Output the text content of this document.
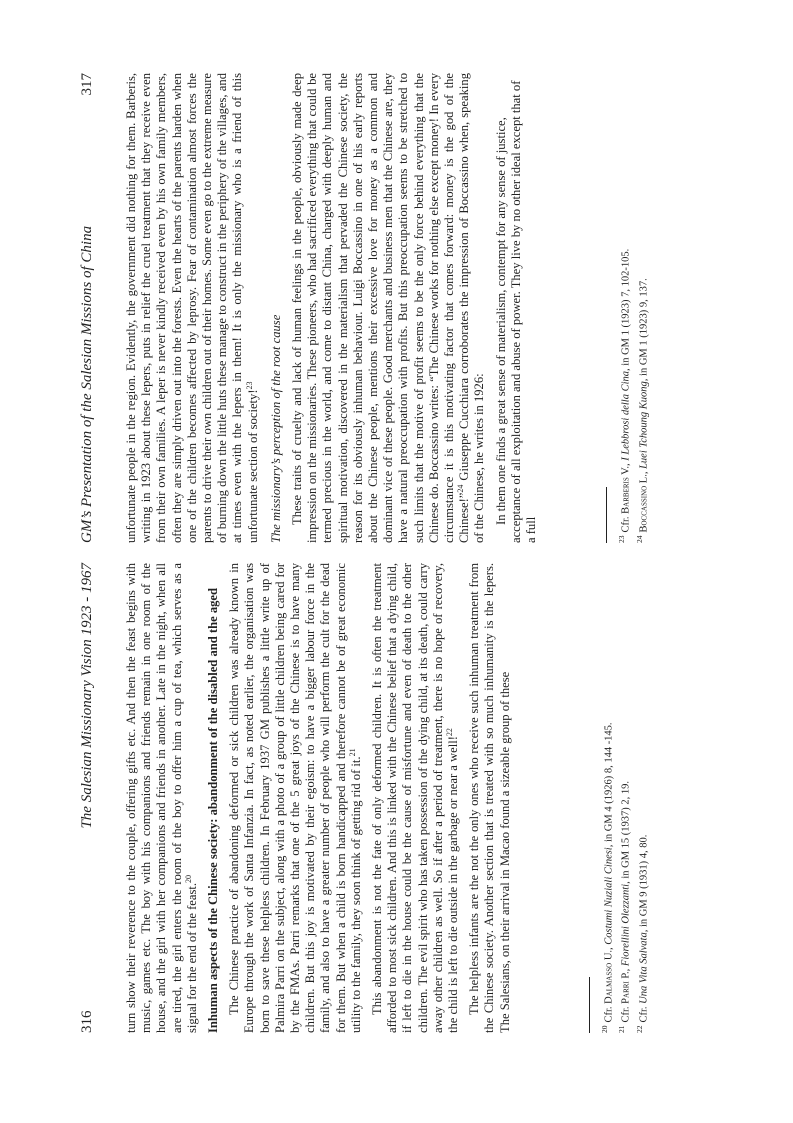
316
The Salesian Missionary Vision 1923 - 1967 turn show their reverence to the couple, offering gifts etc. And then the feast begins with music, games etc. The boy with his companions and friends remain in one room of the house, and the girl with her companions and friends in another. Late in the night, when all are tired, the girl enters the room of the boy to offer him a cup of tea, which serves as a signal for the end of the feast.$^{20}$	Inhuman aspects of the Chinese society: abandonment of the disabled and the aged The Chinese practice of abandoning deformed or sick children was already known in Europe through the work of Santa Infanzia. In fact, as noted earlier, the organisation was born to save these helpless children. In February 1937 GM publishes a little write up of Palmira Parri on the subject, along with a photo of a group of little children being cared for by the FMAs. Parri remarks that one of the 5 great joys of the Chinese is to have many children. But this joy is motivated by their egoism: to have a bigger labour force in the family, and also to have a greater number of people who will perform the cult for the dead for them. But when a child is born handicapped and therefore cannot be of great economic utility to the family, they soon think of getting rid of it.$^{21}$	This abandonment is not the fate of only deformed children. It is often the treatment afforded to most sick children. And this is linked with the Chinese belief that a dying child, if left to die in the house could be the cause of misfortune and even of death to the other children. The evil spirit who has taken possession of the dying child, at its death, could carry away other children as well. So if after a period of treatment, there is no hope of recovery, the child is left to die outside in the garbage or near a well!$^{22}$	The helpless infants are the not the only ones who receive such inhuman treatment from the Chinese society. Another section that is treated with so much inhumanity is the lepers. The Salesians, on their arrival in Macao found a sizeable group of these	$^{20}$Cfr. Dalmasso U., Costumi Nuziali Cinesi, in GM 4 (1926) 8, 144 -145.

$^{21}$Cfr. Parri P., Fiorellini Olezzanti, in GM 15 (1937) 2, 19.

$^{22}$Cfr. Una Vita Salvata, in GM 9 (1931) 4, 80.

GM’s Presentation of the Salesian Missions of China
317 unfortunate people in the region. Evidently, the government did nothing for them. Barberis, writing in 1923 about these lepers, puts in relief the cruel treatment that they receive even from their own families. A leper is never kindly received even by his own family members, often they are simply driven out into the forests. Even the hearts of the parents harden when one of the children becomes affected by leprosy. Fear of contamination almost forces the parents to drive their own children out of their homes. Some even go to the extreme measure of burning down the little huts these manage to construct in the periphery of the villages, and at times even with the lepers in them! It is only the missionary who is a friend of this unfortunate section of society!$^{23}$	The missionary’s perception of the root cause These traits of cruelty and lack of human feelings in the people, obviously made deep impression on the missionaries. These pioneers, who had sacrificed everything that could be termed precious in the world, and come to distant China, charged with deeply human and spiritual motivation, discovered in the materialism that pervaded the Chinese society, the reason for its obviously inhuman behaviour. Luigi Boccassino in one of his early reports about the Chinese people, mentions their excessive love for money as a common and dominant vice of these people. Good merchants and business men that the Chinese are, they have a natural preoccupation with profits. But this preoccupation seems to be stretched to such limits that the motive of profit seems to be the only force behind everything that the Chinese do. Boccassino writes: “The Chinese works for nothing else except money! In every circumstance it is this motivating factor that comes forward: money is the god of the Chinese!”$^{24}$ Giuseppe Cucchiara corroborates the impression of Boccassino when, speaking of the Chinese, he writes in 1926: In them one finds a great sense of materialism, contempt for any sense of justice, acceptance of all exploitation and abuse of power. They live by no other ideal except that of a full	$^{23}$Cfr. Barberis V., I Lebbrosi della Cina, in GM 1 (1923) 7, 102-105.

$^{24}$Boccassino L., Luei Tchoung Kuong, in GM 1 (1923) 9, 137.
